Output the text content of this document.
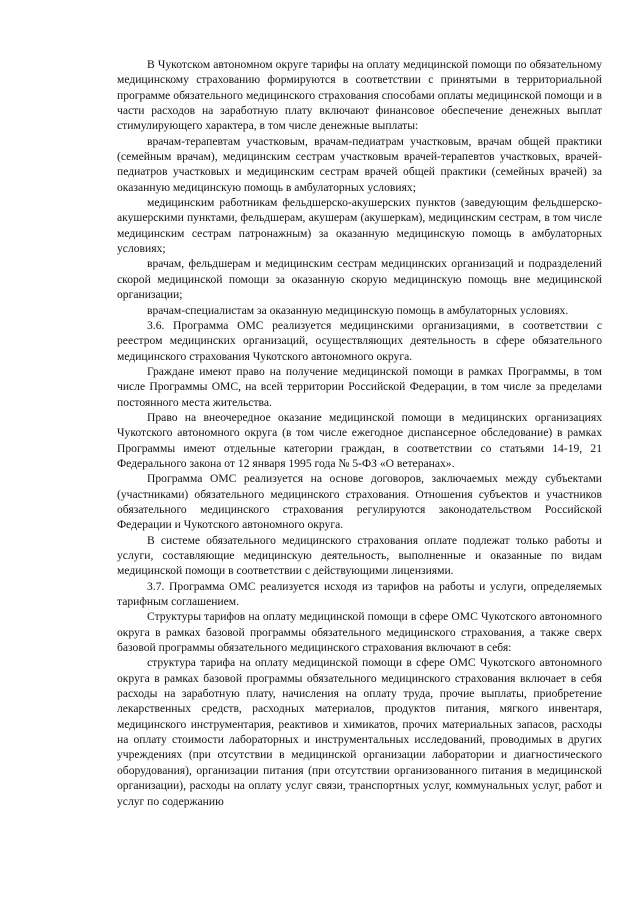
В Чукотском автономном округе тарифы на оплату медицинской помощи по обязательному медицинскому страхованию формируются в соответствии с принятыми в территориальной программе обязательного медицинского страхования способами оплаты медицинской помощи и в части расходов на заработную плату включают финансовое обеспечение денежных выплат стимулирующего характера, в том числе денежные выплаты:

врачам-терапевтам участковым, врачам-педиатрам участковым, врачам общей практики (семейным врачам), медицинским сестрам участковым врачей-терапевтов участковых, врачей-педиатров участковых и медицинским сестрам врачей общей практики (семейных врачей) за оказанную медицинскую помощь в амбулаторных условиях;

медицинским работникам фельдшерско-акушерских пунктов (заведующим фельдшерско-акушерскими пунктами, фельдшерам, акушерам (акушеркам), медицинским сестрам, в том числе медицинским сестрам патронажным) за оказанную медицинскую помощь в амбулаторных условиях;

врачам, фельдшерам и медицинским сестрам медицинских организаций и подразделений скорой медицинской помощи за оказанную скорую медицинскую помощь вне медицинской организации;

врачам-специалистам за оказанную медицинскую помощь в амбулаторных условиях.

3.6. Программа ОМС реализуется медицинскими организациями, в соответствии с реестром медицинских организаций, осуществляющих деятельность в сфере обязательного медицинского страхования Чукотского автономного округа.

Граждане имеют право на получение медицинской помощи в рамках Программы, в том числе Программы ОМС, на всей территории Российской Федерации, в том числе за пределами постоянного места жительства.

Право на внеочередное оказание медицинской помощи в медицинских организациях Чукотского автономного округа (в том числе ежегодное диспансерное обследование) в рамках Программы имеют отдельные категории граждан, в соответствии со статьями 14-19, 21 Федерального закона от 12 января 1995 года № 5-ФЗ «О ветеранах».

Программа ОМС реализуется на основе договоров, заключаемых между субъектами (участниками) обязательного медицинского страхования. Отношения субъектов и участников обязательного медицинского страхования регулируются законодательством Российской Федерации и Чукотского автономного округа.

В системе обязательного медицинского страхования оплате подлежат только работы и услуги, составляющие медицинскую деятельность, выполненные и оказанные по видам медицинской помощи в соответствии с действующими лицензиями.

3.7. Программа ОМС реализуется исходя из тарифов на работы и услуги, определяемых тарифным соглашением.

Структуры тарифов на оплату медицинской помощи в сфере ОМС Чукотского автономного округа в рамках базовой программы обязательного медицинского страхования, а также сверх базовой программы обязательного медицинского страхования включают в себя:

структура тарифа на оплату медицинской помощи в сфере ОМС Чукотского автономного округа в рамках базовой программы обязательного медицинского страхования включает в себя расходы на заработную плату, начисления на оплату труда, прочие выплаты, приобретение лекарственных средств, расходных материалов, продуктов питания, мягкого инвентаря, медицинского инструментария, реактивов и химикатов, прочих материальных запасов, расходы на оплату стоимости лабораторных и инструментальных исследований, проводимых в других учреждениях (при отсутствии в медицинской организации лаборатории и диагностического оборудования), организации питания (при отсутствии организованного питания в медицинской организации), расходы на оплату услуг связи, транспортных услуг, коммунальных услуг, работ и услуг по содержанию
